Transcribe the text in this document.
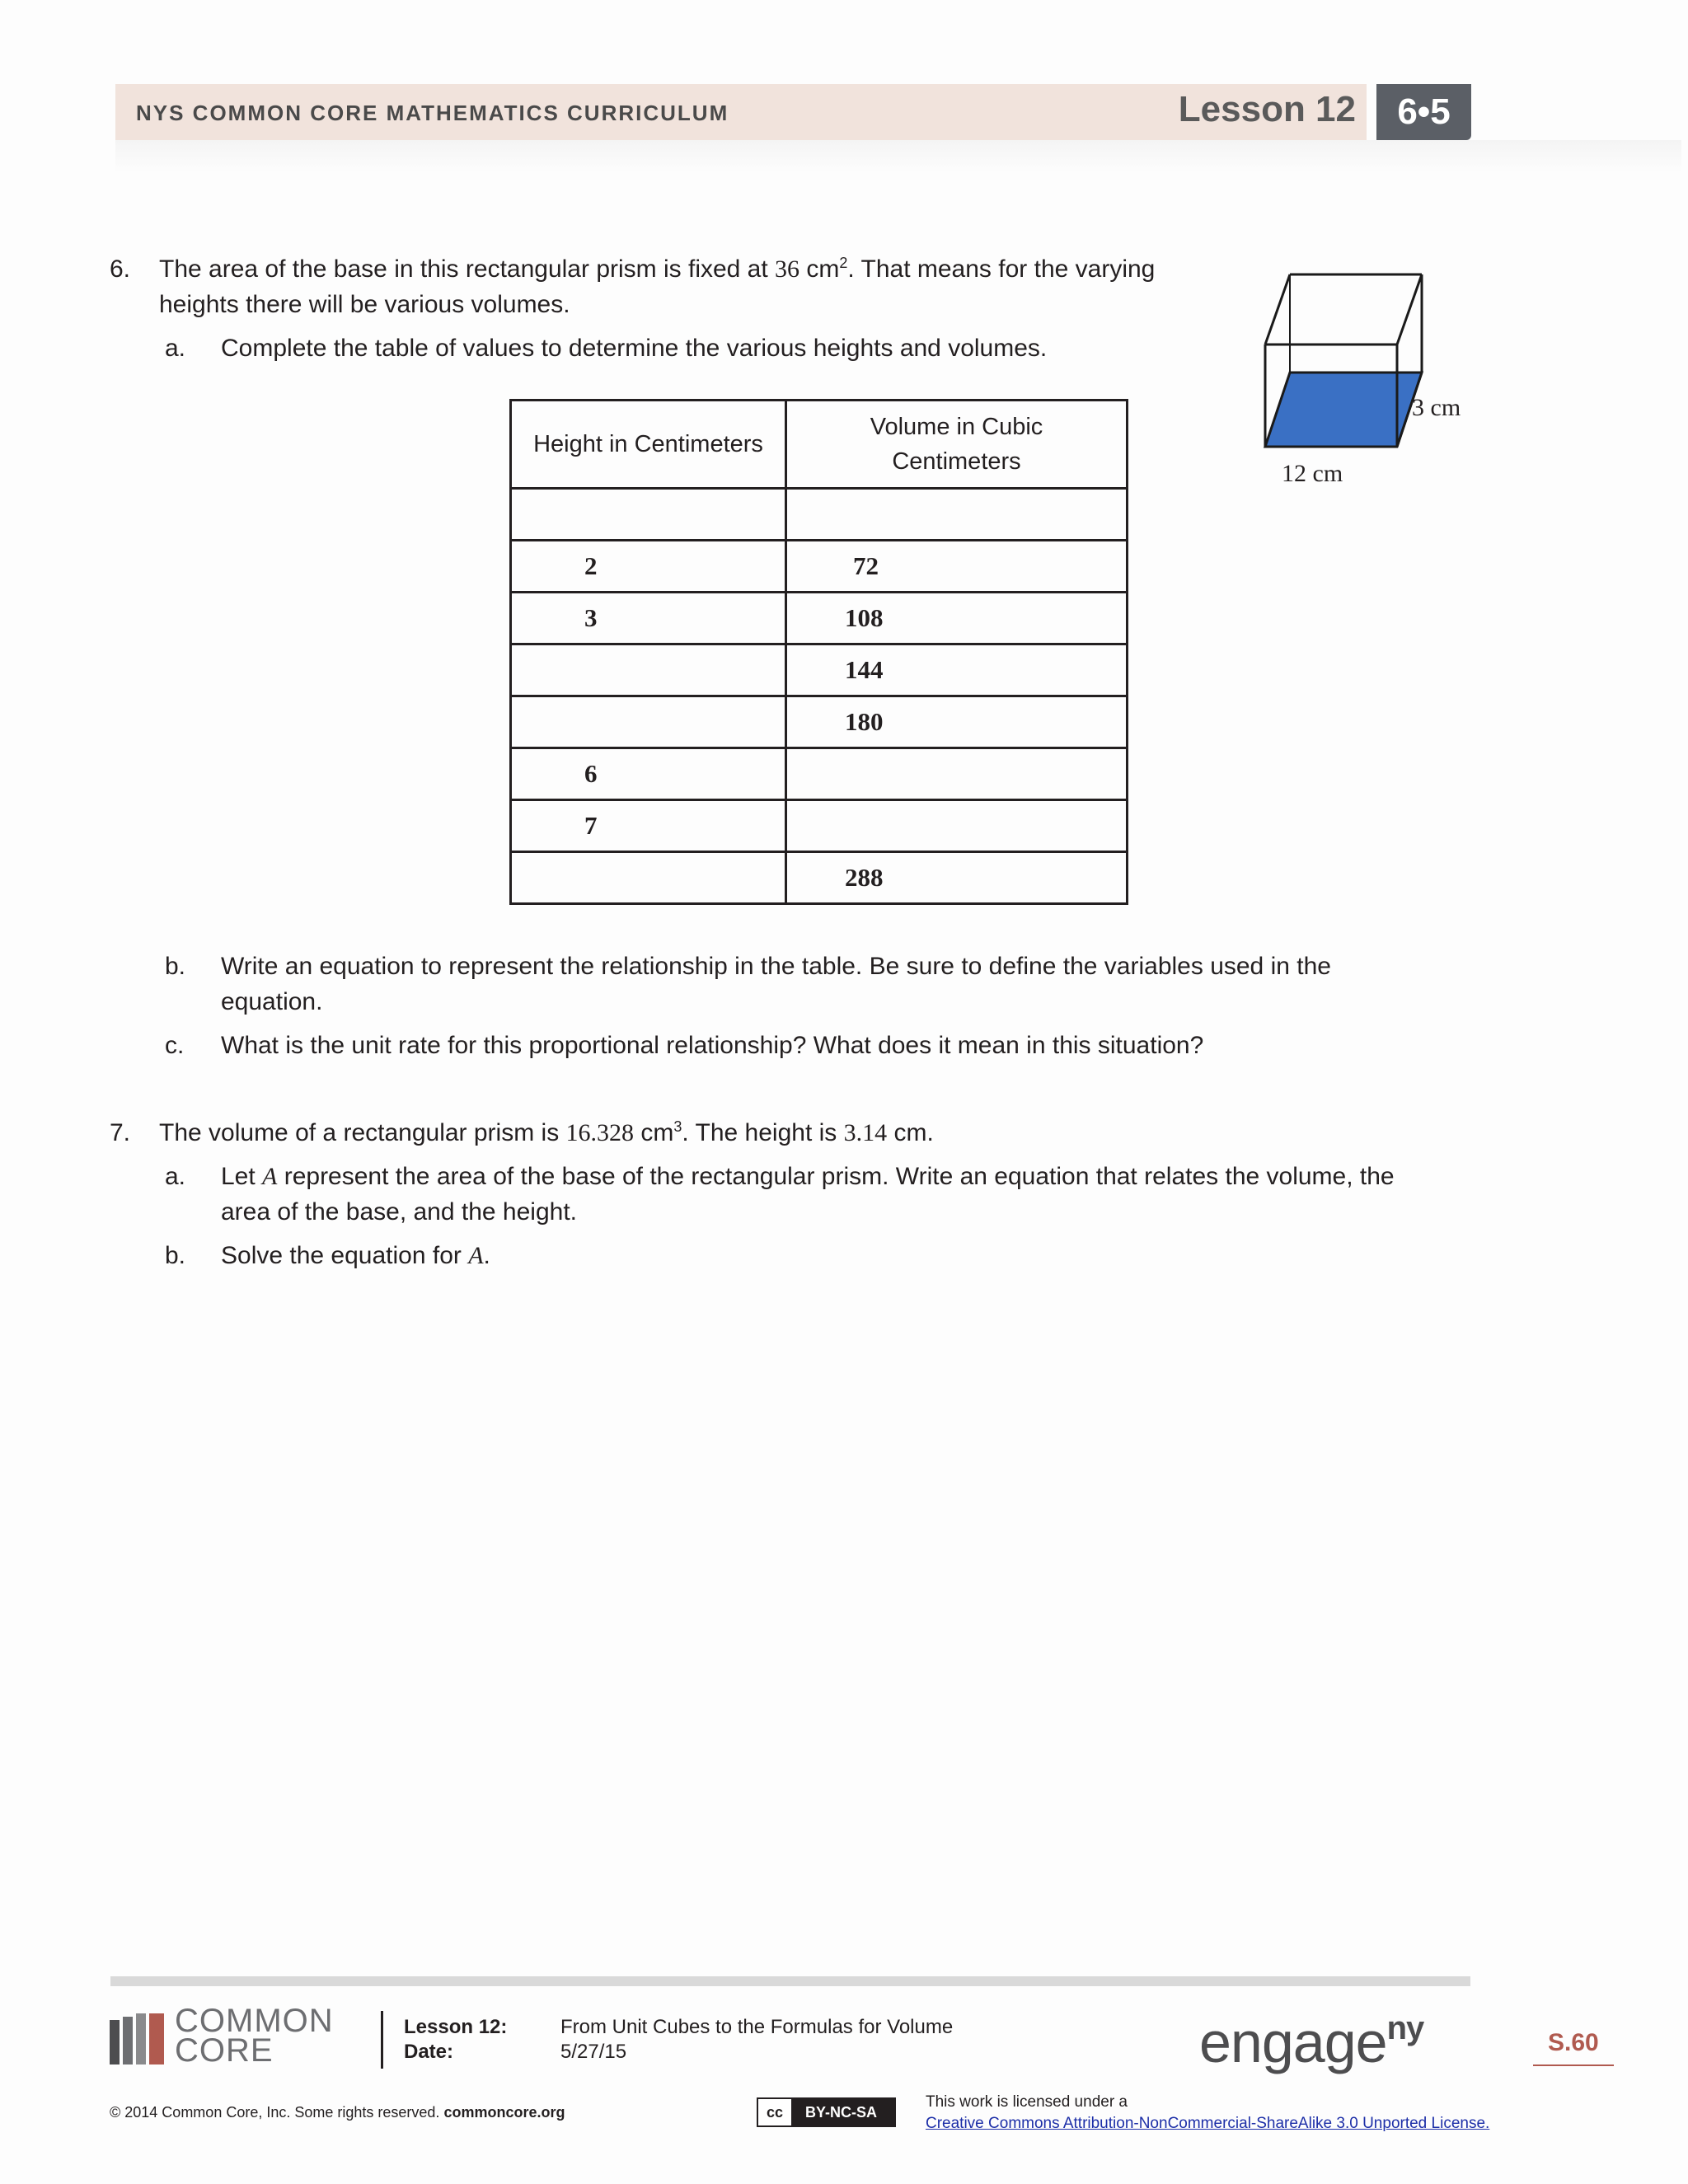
NYS COMMON CORE MATHEMATICS CURRICULUM	Lesson 12	6•5
6. The area of the base in this rectangular prism is fixed at 36 $cm^2$. That means for the varying
heights there will be various volumes.
a. Complete the table of values to determine the various heights and volumes.
3 cm
12 cm
Height in Centimeters	Volume in Cubic Centimeters

2	72
3	108
	144
	180
6	
7	
	288
b. Write an equation to represent the relationship in the table. Be sure to define the variables used in the
equation.
c. What is the unit rate for this proportional relationship? What does it mean in this situation?
7. The volume of a rectangular prism is 16.328 $cm^3$. The height is 3.14 cm.
a. Let A represent the area of the base of the rectangular prism. Write an equation that relates the volume, the
area of the base, and the height.
b. Solve the equation for A.
COMMON
CORE
Lesson 12:
Date:
From Unit Cubes to the Formulas for Volume
5/27/15	engage$^{ny}$	S.60
© 2014 Common Core, Inc. Some rights reserved. commoncore.org	cc BY-NC-SA
This work is licensed under a
Creative Commons Attribution-NonCommercial-ShareAlike 3.0 Unported License.
